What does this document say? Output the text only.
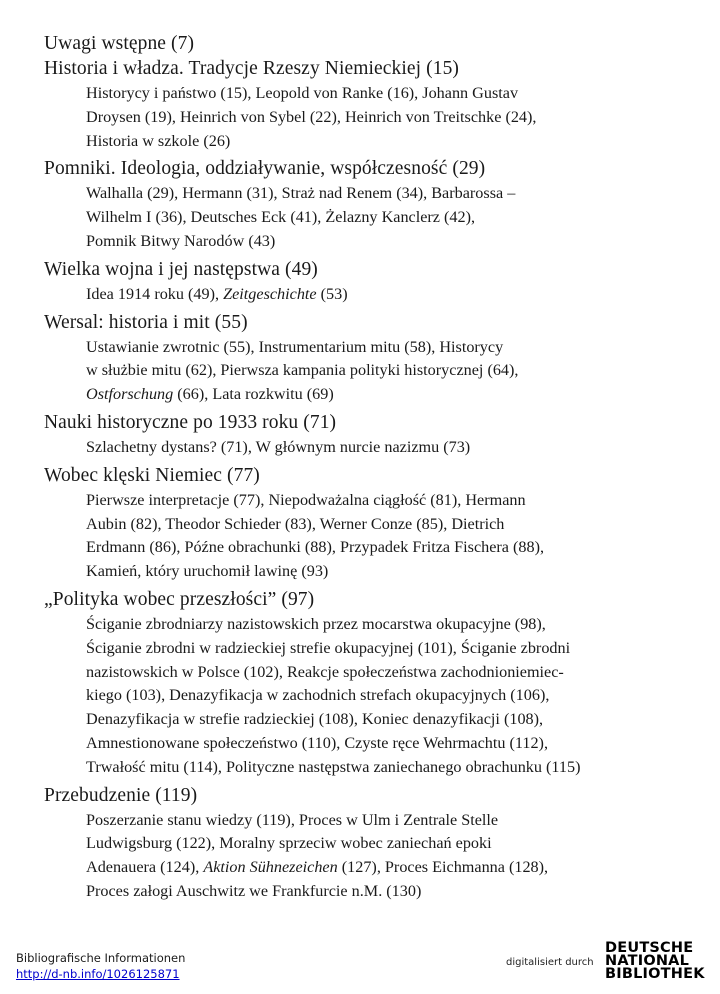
Uwagi wstępne (7)
Historia i władza. Tradycje Rzeszy Niemieckiej (15)
Historycy i państwo (15), Leopold von Ranke (16), Johann Gustav
Droysen (19), Heinrich von Sybel (22), Heinrich von Treitschke (24),
Historia w szkole (26)
Pomniki. Ideologia, oddziaływanie, współczesność (29)
Walhalla (29), Hermann (31), Straż nad Renem (34), Barbarossa –
Wilhelm I (36), Deutsches Eck (41), Żelazny Kanclerz (42),
Pomnik Bitwy Narodów (43)
Wielka wojna i jej następstwa (49)
Idea 1914 roku (49), Zeitgeschichte (53)
Wersal: historia i mit (55)
Ustawianie zwrotnic (55), Instrumentarium mitu (58), Historycy
w służbie mitu (62), Pierwsza kampania polityki historycznej (64),
Ostforschung (66), Lata rozkwitu (69)
Nauki historyczne po 1933 roku (71)
Szlachetny dystans? (71), W głównym nurcie nazizmu (73)
Wobec klęski Niemiec (77)
Pierwsze interpretacje (77), Niepodważalna ciągłość (81), Hermann
Aubin (82), Theodor Schieder (83), Werner Conze (85), Dietrich
Erdmann (86), Późne obrachunki (88), Przypadek Fritza Fischera (88),
Kamień, który uruchomił lawinę (93)
„Polityka wobec przeszłości” (97)
Ściganie zbrodniarzy nazistowskich przez mocarstwa okupacyjne (98),
Ściganie zbrodni w radzieckiej strefie okupacyjnej (101), Ściganie zbrodni
nazistowskich w Polsce (102), Reakcje społeczeństwa zachodnioniemiec-
kiego (103), Denazyfikacja w zachodnich strefach okupacyjnych (106),
Denazyfikacja w strefie radzieckiej (108), Koniec denazyfikacji (108),
Amnestionowane społeczeństwo (110), Czyste ręce Wehrmachtu (112),
Trwałość mitu (114), Polityczne następstwa zaniechanego obrachunku (115)
Przebudzenie (119)
Poszerzanie stanu wiedzy (119), Proces w Ulm i Zentrale Stelle
Ludwigsburg (122), Moralny sprzeciw wobec zaniechań epoki
Adenauera (124), Aktion Sühnezeichen (127), Proces Eichmanna (128),
Proces załogi Auschwitz we Frankfurcie n.M. (130)
Bibliografische Informationen
http://d-nb.info/1026125871
digitalisiert durch
DEUTSCHE
NATIONAL
BIBLIOTHEK
